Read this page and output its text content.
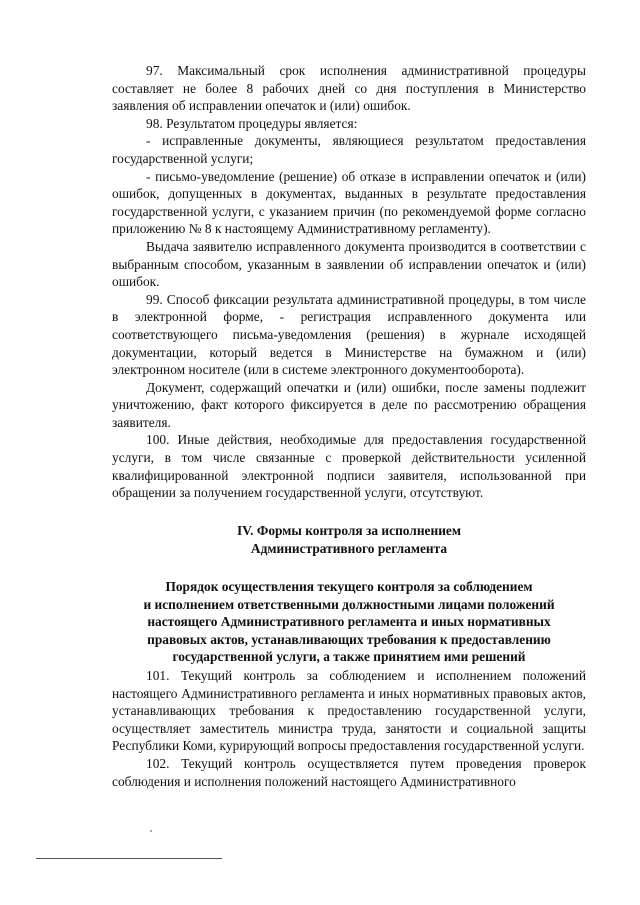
97. Максимальный срок исполнения административной процедуры составляет не более 8 рабочих дней со дня поступления в Министерство заявления об исправлении опечаток и (или) ошибок.

98. Результатом процедуры является:

- исправленные документы, являющиеся результатом предоставления государственной услуги;

- письмо-уведомление (решение) об отказе в исправлении опечаток и (или) ошибок, допущенных в документах, выданных в результате предоставления государственной услуги, с указанием причин (по рекомендуемой форме согласно приложению № 8 к настоящему Административному регламенту).

Выдача заявителю исправленного документа производится в соответствии с выбранным способом, указанным в заявлении об исправлении опечаток и (или) ошибок.

99. Способ фиксации результата административной процедуры, в том числе в электронной форме, - регистрация исправленного документа или соответствующего письма-уведомления (решения) в журнале исходящей документации, который ведется в Министерстве на бумажном и (или) электронном носителе (или в системе электронного документооборота).

Документ, содержащий опечатки и (или) ошибки, после замены подлежит уничтожению, факт которого фиксируется в деле по рассмотрению обращения заявителя.

100. Иные действия, необходимые для предоставления государственной услуги, в том числе связанные с проверкой действительности усиленной квалифицированной электронной подписи заявителя, использованной при обращении за получением государственной услуги, отсутствуют.

IV. Формы контроля за исполнением
Административного регламента
Порядок осуществления текущего контроля за соблюдением
и исполнением ответственными должностными лицами положений
настоящего Административного регламента и иных нормативных
правовых актов, устанавливающих требования к предоставлению
государственной услуги, а также принятием ими решений

101. Текущий контроль за соблюдением и исполнением положений настоящего Административного регламента и иных нормативных правовых актов, устанавливающих требования к предоставлению государственной услуги, осуществляет заместитель министра труда, занятости и социальной защиты Республики Коми, курирующий вопросы предоставления государственной услуги.

102. Текущий контроль осуществляется путем проведения проверок соблюдения и исполнения положений настоящего Административного
